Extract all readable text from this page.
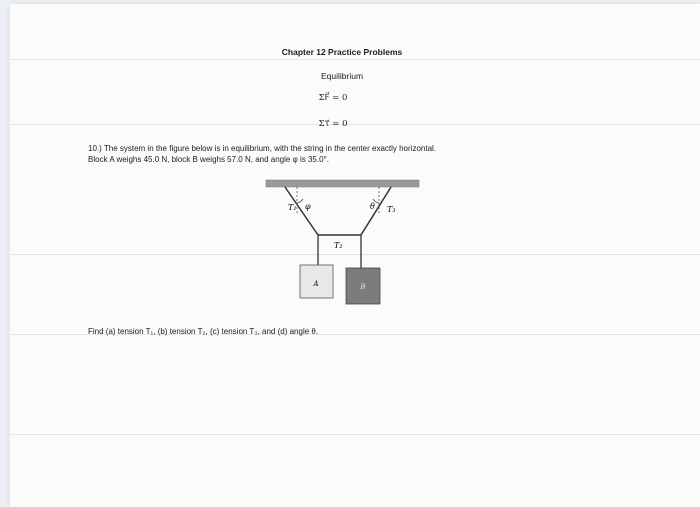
Chapter 12 Practice Problems
Equilibrium
ΣF⃗ = 0
Στ⃗ = 0
10.) The system in the figure below is in equilibrium, with the string in the center exactly horizontal.
Block A weighs 45.0 N, block B weighs 57.0 N, and angle φ is 35.0°.
T₁
T₂
T₃
φ	θ
A	B
Find (a) tension T₁, (b) tension T₂, (c) tension T₃, and (d) angle θ.
